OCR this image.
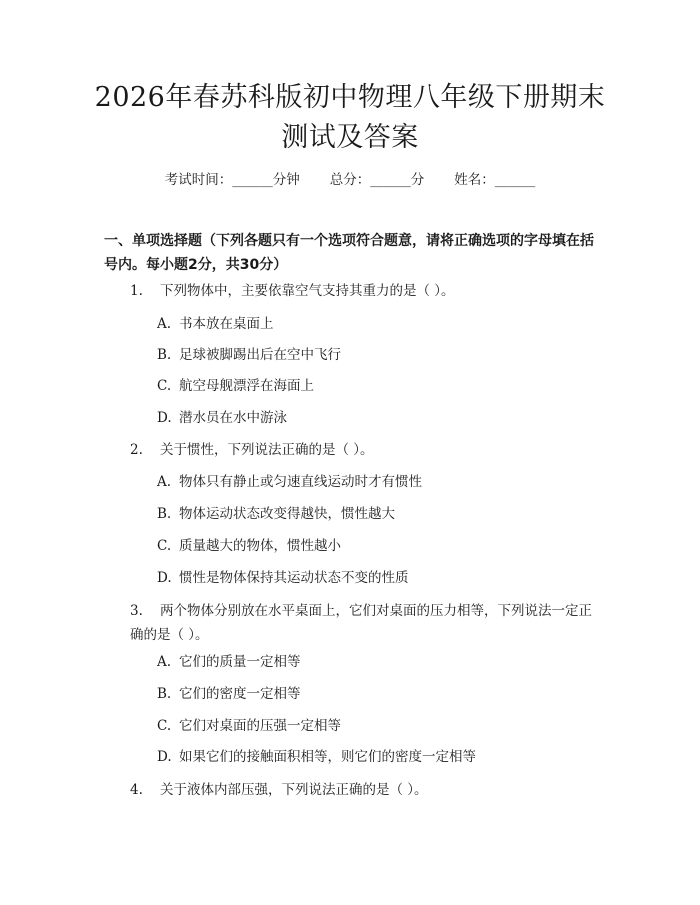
2026年春苏科版初中物理八年级下册期末测试及答案
考试时间：______分钟 总分：______分 姓名：______
一、单项选择题（下列各题只有一个选项符合题意，请将正确选项的字母填在括号内。每小题2分，共30分）
1. 下列物体中，主要依靠空气支持其重力的是（ ）。
A. 书本放在桌面上
B. 足球被脚踢出后在空中飞行
C. 航空母舰漂浮在海面上
D. 潜水员在水中游泳
2. 关于惯性，下列说法正确的是（ ）。
A. 物体只有静止或匀速直线运动时才有惯性
B. 物体运动状态改变得越快，惯性越大
C. 质量越大的物体，惯性越小
D. 惯性是物体保持其运动状态不变的性质
3. 两个物体分别放在水平桌面上，它们对桌面的压力相等，下列说法一定正确的是（ ）。
A. 它们的质量一定相等
B. 它们的密度一定相等
C. 它们对桌面的压强一定相等
D. 如果它们的接触面积相等，则它们的密度一定相等
4. 关于液体内部压强，下列说法正确的是（ ）。
